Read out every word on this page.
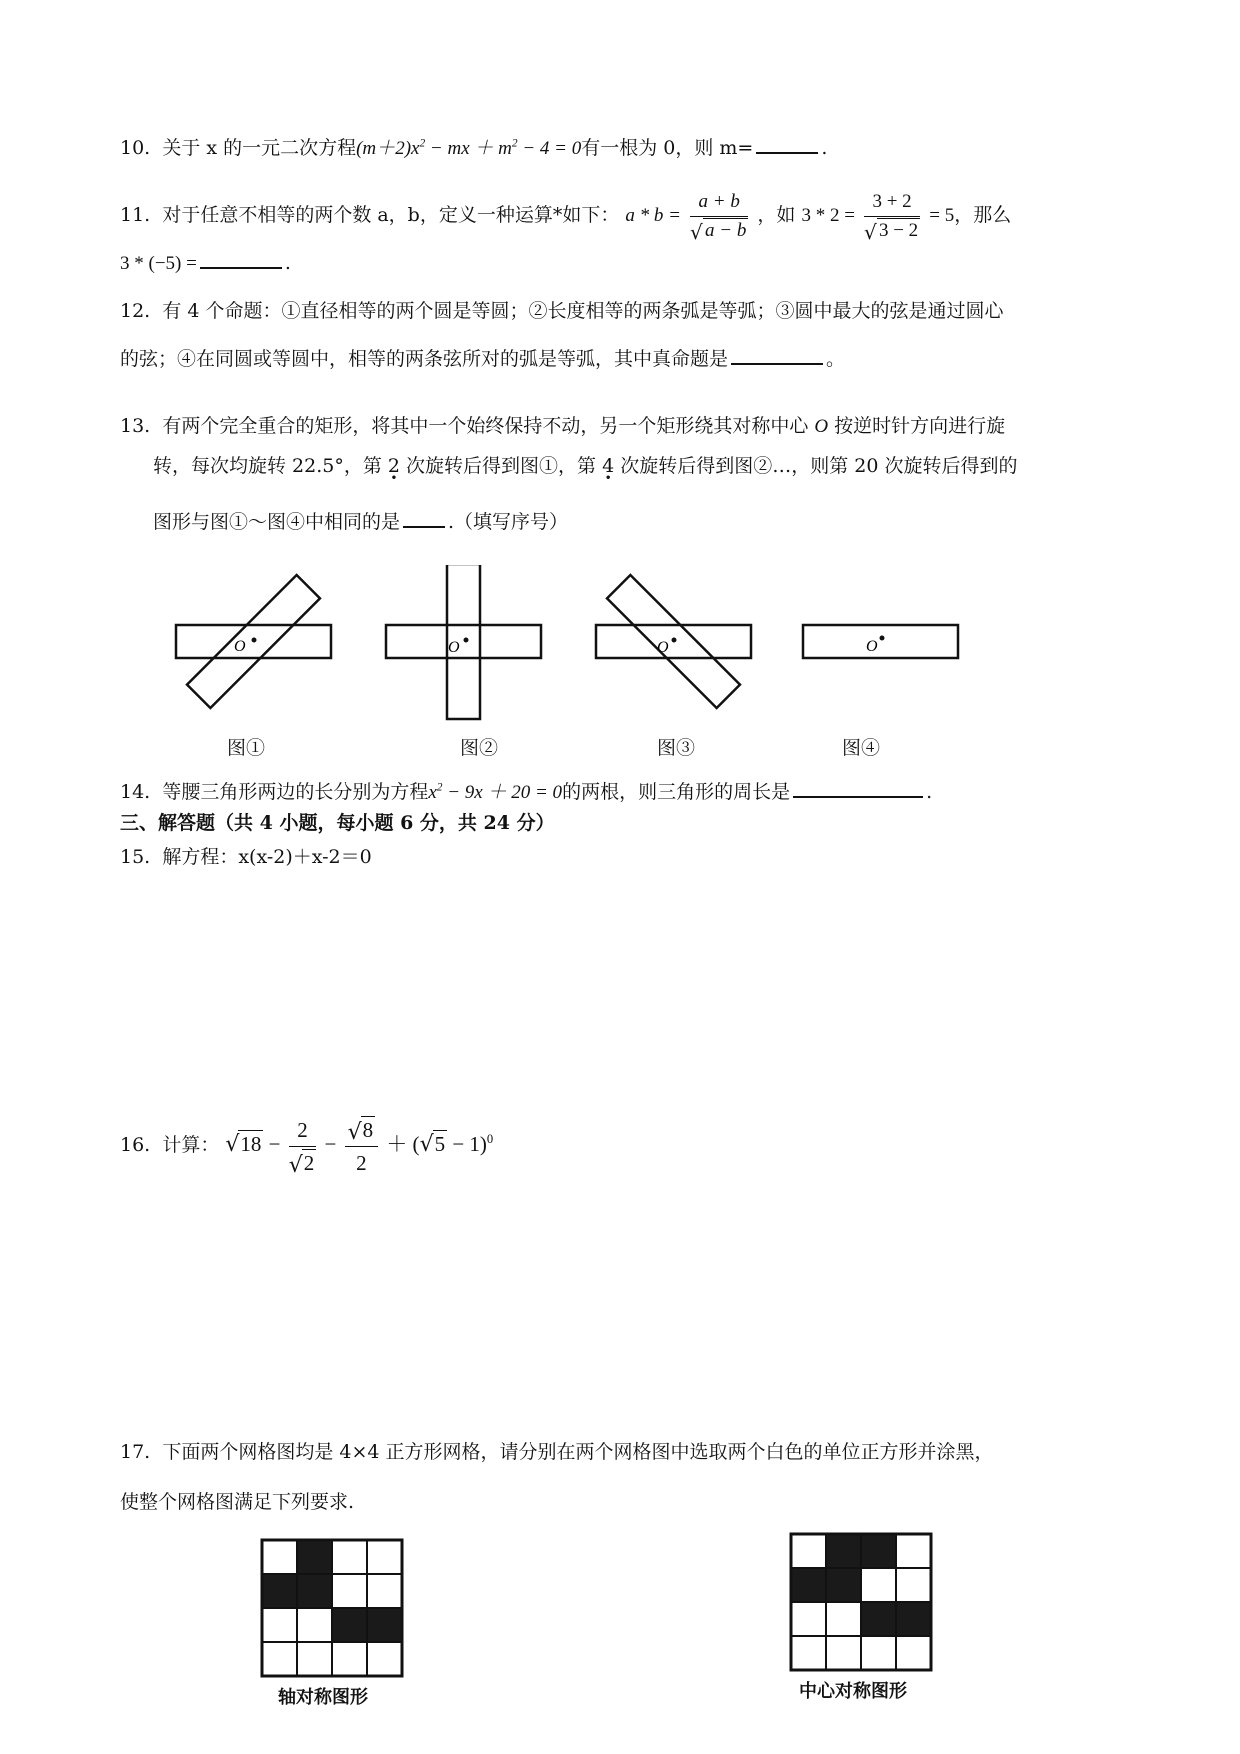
10. 关于 x 的一元二次方程$(m+2)x^2$ − mx ＋ $m^2 - 4 = 0$有一根为 0，则 m=	.
11. 对于任意不相等的两个数 a，b，定义一种运算*如下： $a * b = \frac{a + b}{√ a - b}$ ，如 $3 * 2 = \frac{3 + 2}{√ 3 - 2} = 5$，那么
3 * (−5) =	.
12. 有 4 个命题：①直径相等的两个圆是等圆；②长度相等的两条弧是等弧；③圆中最大的弦是通过圆心
的弦；④在同圆或等圆中，相等的两条弦所对的弧是等弧，其中真命题是	。
13. 有两个完全重合的矩形，将其中一个始终保持不动，另一个矩形绕其对称中心 O 按逆时针方向进行旋
转，每次均旋转 22.5°，第 2 次 ·旋转后得到图①，第 4 次 ·旋转后得到图②…，则第 20 次旋转后得到的
图形与图①～图④中相同的是	.（填写序号）
O	O	O	O
图①	图②	图③	图④
14. 等腰三角形两边的长分别为方程$x^2 - 9x + 20 = 0$的两根，则三角形的周长是	.
三、解答题（共 4 小题，每小题 6 分，共 24 分）
15. 解方程：x(x-2)＋x-2＝0
16. 计算： √ $18 - \frac{2}{√ 2} - \frac{√ 8}{2}$ ＋ ( √ 5 − 1)$^0$
17. 下面两个网格图均是 4×4 正方形网格，请分别在两个网格图中选取两个白色的单位正方形并涂黑，
使整个网格图满足下列要求.
轴对称图形	中心对称图形
